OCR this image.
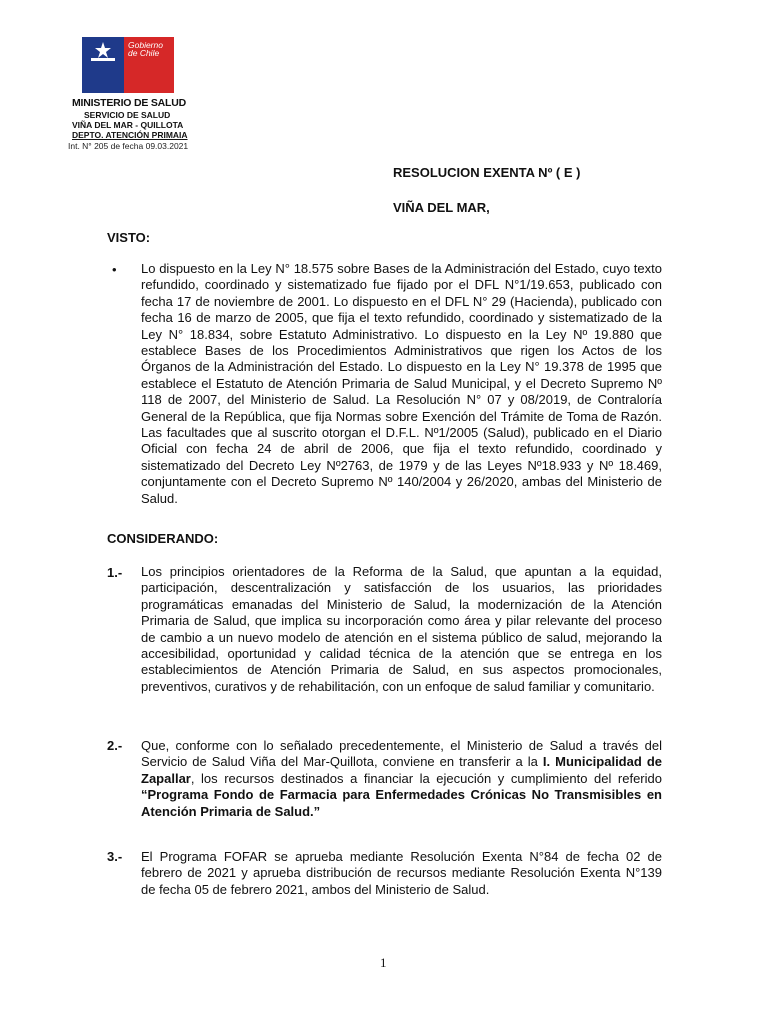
Gobierno
de Chile
MINISTERIO DE SALUD
SERVICIO DE SALUD
VIÑA DEL MAR - QUILLOTA
DEPTO. ATENCIÓN PRIMAIA
Int. N° 205 de fecha 09.03.2021
RESOLUCION EXENTA Nº ( E )
VIÑA DEL MAR,
VISTO:
• Lo dispuesto en la Ley N° 18.575 sobre Bases de la Administración del Estado, cuyo texto refundido, coordinado y sistematizado fue fijado por el DFL N°1/19.653, publicado con fecha 17 de noviembre de 2001. Lo dispuesto en el DFL N° 29 (Hacienda), publicado con fecha 16 de marzo de 2005, que fija el texto refundido, coordinado y sistematizado de la Ley N° 18.834, sobre Estatuto Administrativo. Lo dispuesto en la Ley Nº 19.880 que establece Bases de los Procedimientos Administrativos que rigen los Actos de los Órganos de la Administración del Estado. Lo dispuesto en la Ley N° 19.378 de 1995 que establece el Estatuto de Atención Primaria de Salud Municipal, y el Decreto Supremo Nº 118 de 2007, del Ministerio de Salud. La Resolución N° 07 y 08/2019, de Contraloría General de la República, que fija Normas sobre Exención del Trámite de Toma de Razón. Las facultades que al suscrito otorgan el D.F.L. Nº1/2005 (Salud), publicado en el Diario Oficial con fecha 24 de abril de 2006, que fija el texto refundido, coordinado y sistematizado del Decreto Ley Nº2763, de 1979 y de las Leyes Nº18.933 y Nº 18.469, conjuntamente con el Decreto Supremo Nº 140/2004 y 26/2020, ambas del Ministerio de Salud.
CONSIDERANDO:
1.- Los principios orientadores de la Reforma de la Salud, que apuntan a la equidad, participación, descentralización y satisfacción de los usuarios, las prioridades programáticas emanadas del Ministerio de Salud, la modernización de la Atención Primaria de Salud, que implica su incorporación como área y pilar relevante del proceso de cambio a un nuevo modelo de atención en el sistema público de salud, mejorando la accesibilidad, oportunidad y calidad técnica de la atención que se entrega en los establecimientos de Atención Primaria de Salud, en sus aspectos promocionales, preventivos, curativos y de rehabilitación, con un enfoque de salud familiar y comunitario.
2.- Que, conforme con lo señalado precedentemente, el Ministerio de Salud a través del Servicio de Salud Viña del Mar-Quillota, conviene en transferir a la I. Municipalidad de Zapallar, los recursos destinados a financiar la ejecución y cumplimiento del referido “Programa Fondo de Farmacia para Enfermedades Crónicas No Transmisibles en Atención Primaria de Salud.”
3.- El Programa FOFAR se aprueba mediante Resolución Exenta N°84 de fecha 02 de febrero de 2021 y aprueba distribución de recursos mediante Resolución Exenta N°139 de fecha 05 de febrero 2021, ambos del Ministerio de Salud.
1
